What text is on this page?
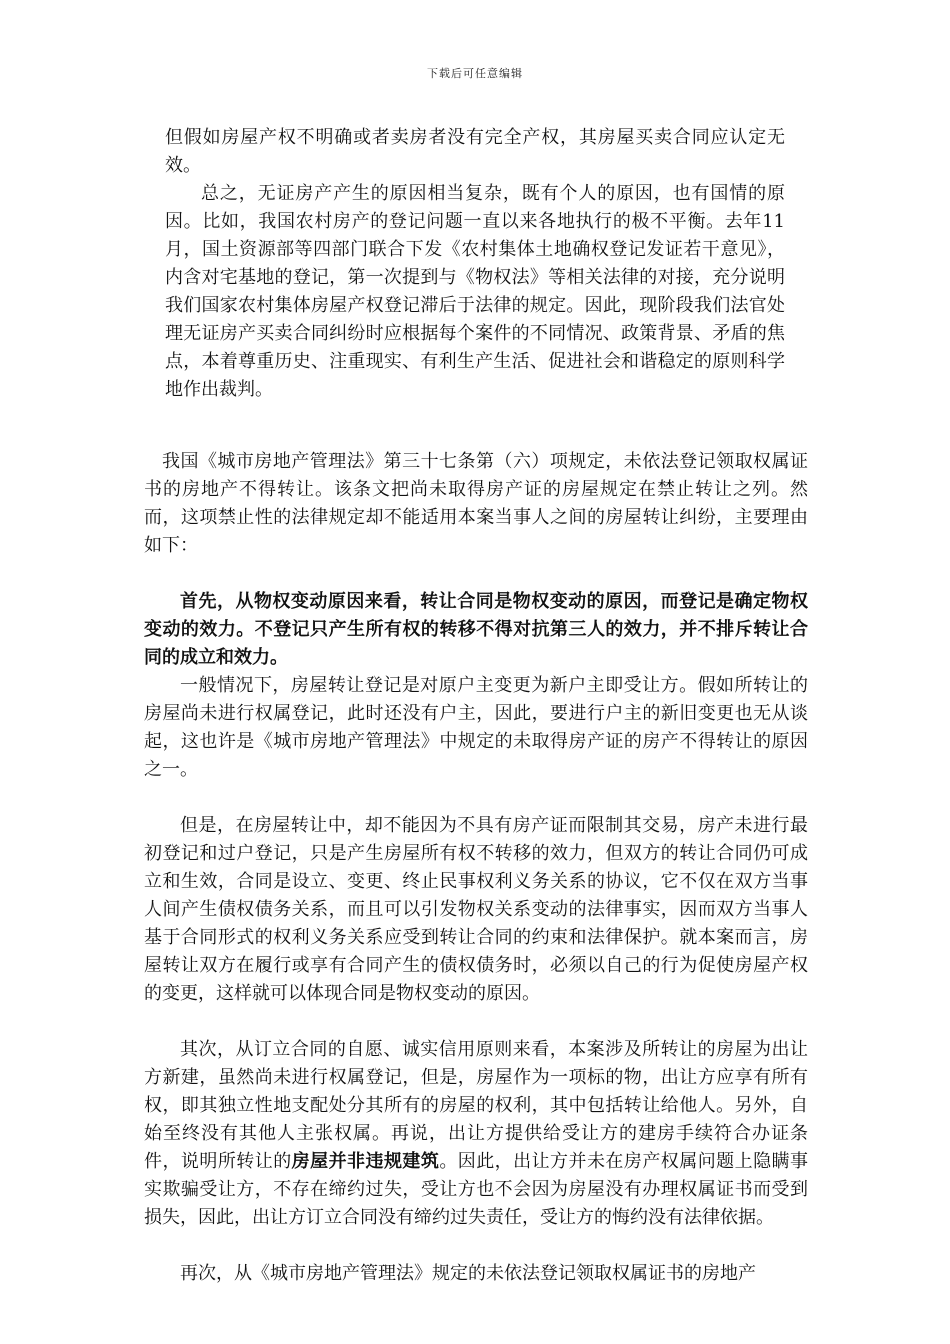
下载后可任意编辑

但假如房屋产权不明确或者卖房者没有完全产权，其房屋买卖合同应认定无效。

总之，无证房产产生的原因相当复杂，既有个人的原因，也有国情的原因。比如，我国农村房产的登记问题一直以来各地执行的极不平衡。去年11月，国土资源部等四部门联合下发《农村集体土地确权登记发证若干意见》，内含对宅基地的登记，第一次提到与《物权法》等相关法律的对接，充分说明我们国家农村集体房屋产权登记滞后于法律的规定。因此，现阶段我们法官处理无证房产买卖合同纠纷时应根据每个案件的不同情况、政策背景、矛盾的焦点，本着尊重历史、注重现实、有利生产生活、促进社会和谐稳定的原则科学地作出裁判。

我国《城市房地产管理法》第三十七条第（六）项规定，未依法登记领取权属证书的房地产不得转让。该条文把尚未取得房产证的房屋规定在禁止转让之列。然而，这项禁止性的法律规定却不能适用本案当事人之间的房屋转让纠纷，主要理由如下：

首先，从物权变动原因来看，转让合同是物权变动的原因，而登记是确定物权变动的效力。不登记只产生所有权的转移不得对抗第三人的效力，并不排斥转让合同的成立和效力。

一般情况下，房屋转让登记是对原户主变更为新户主即受让方。假如所转让的房屋尚未进行权属登记，此时还没有户主，因此，要进行户主的新旧变更也无从谈起，这也许是《城市房地产管理法》中规定的未取得房产证的房产不得转让的原因之一。

但是，在房屋转让中，却不能因为不具有房产证而限制其交易，房产未进行最初登记和过户登记，只是产生房屋所有权不转移的效力，但双方的转让合同仍可成立和生效，合同是设立、变更、终止民事权利义务关系的协议，它不仅在双方当事人间产生债权债务关系，而且可以引发物权关系变动的法律事实，因而双方当事人基于合同形式的权利义务关系应受到转让合同的约束和法律保护。就本案而言，房屋转让双方在履行或享有合同产生的债权债务时，必须以自己的行为促使房屋产权的变更，这样就可以体现合同是物权变动的原因。

其次，从订立合同的自愿、诚实信用原则来看，本案涉及所转让的房屋为出让方新建，虽然尚未进行权属登记，但是，房屋作为一项标的物，出让方应享有所有权，即其独立性地支配处分其所有的房屋的权利，其中包括转让给他人。另外，自始至终没有其他人主张权属。再说，出让方提供给受让方的建房手续符合办证条件，说明所转让的房屋并非违规建筑。因此，出让方并未在房产权属问题上隐瞒事实欺骗受让方，不存在缔约过失，受让方也不会因为房屋没有办理权属证书而受到损失，因此，出让方订立合同没有缔约过失责任，受让方的悔约没有法律依据。

再次，从《城市房地产管理法》规定的未依法登记领取权属证书的房地产
